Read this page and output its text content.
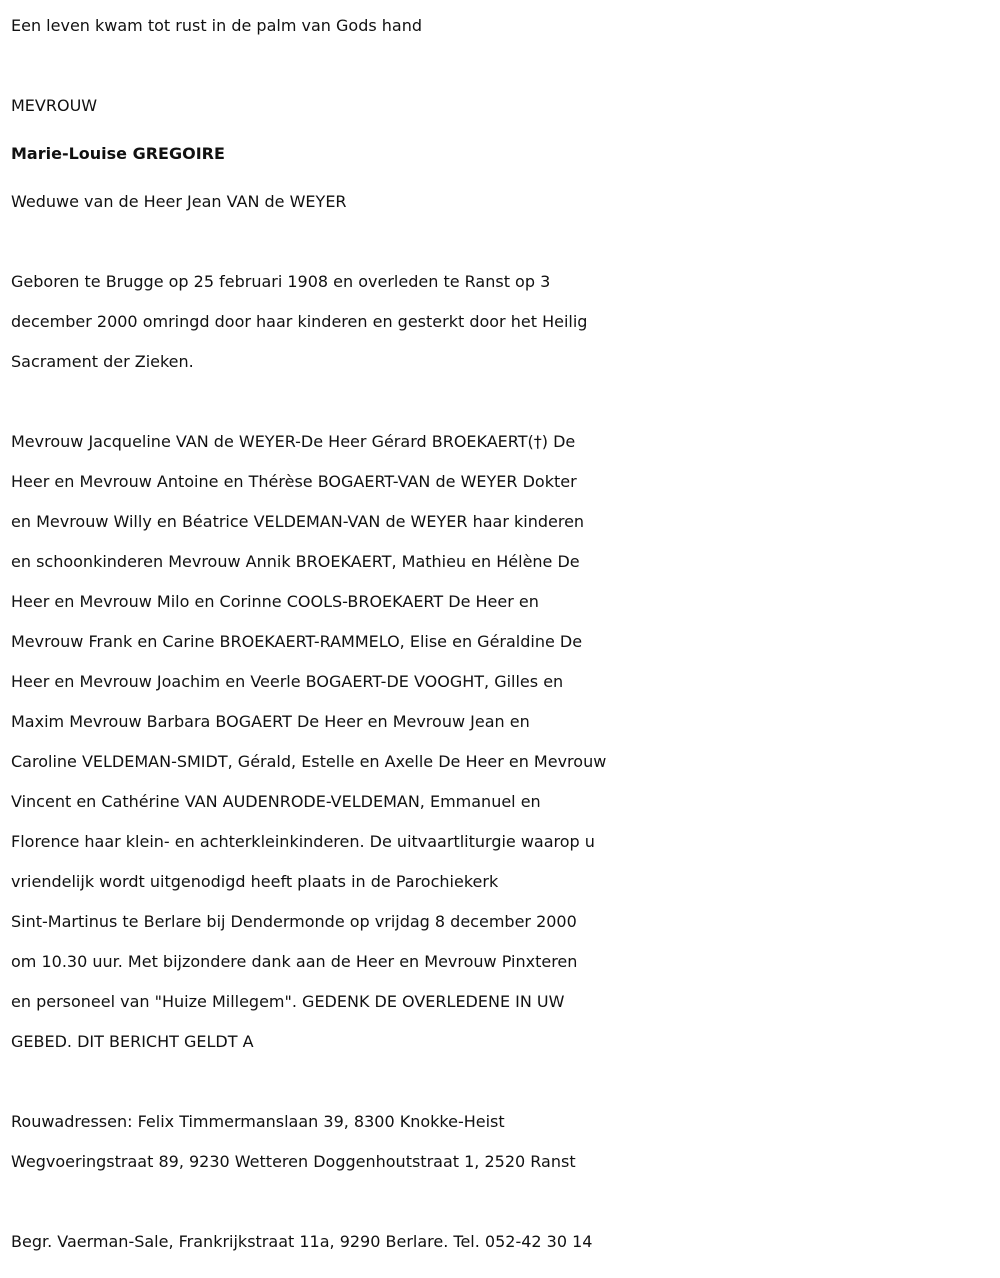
Een leven kwam tot rust in de palm van Gods hand

MEVROUW

Marie-Louise GREGOIRE

Weduwe van de Heer Jean VAN de WEYER

Geboren te Brugge op 25 februari 1908 en overleden te Ranst op 3

december 2000 omringd door haar kinderen en gesterkt door het Heilig

Sacrament der Zieken.

Mevrouw Jacqueline VAN de WEYER-De Heer Gérard BROEKAERT(†) De

Heer en Mevrouw Antoine en Thérèse BOGAERT-VAN de WEYER Dokter

en Mevrouw Willy en Béatrice VELDEMAN-VAN de WEYER haar kinderen

en schoonkinderen Mevrouw Annik BROEKAERT, Mathieu en Hélène De

Heer en Mevrouw Milo en Corinne COOLS-BROEKAERT De Heer en

Mevrouw Frank en Carine BROEKAERT-RAMMELO, Elise en Géraldine De

Heer en Mevrouw Joachim en Veerle BOGAERT-DE VOOGHT, Gilles en

Maxim Mevrouw Barbara BOGAERT De Heer en Mevrouw Jean en

Caroline VELDEMAN-SMIDT, Gérald, Estelle en Axelle De Heer en Mevrouw

Vincent en Cathérine VAN AUDENRODE-VELDEMAN, Emmanuel en

Florence haar klein- en achterkleinkinderen. De uitvaartliturgie waarop u

vriendelijk wordt uitgenodigd heeft plaats in de Parochiekerk

Sint-Martinus te Berlare bij Dendermonde op vrijdag 8 december 2000

om 10.30 uur. Met bijzondere dank aan de Heer en Mevrouw Pinxteren

en personeel van "Huize Millegem". GEDENK DE OVERLEDENE IN UW

GEBED. DIT BERICHT GELDT A

Rouwadressen: Felix Timmermanslaan 39, 8300 Knokke-Heist

Wegvoeringstraat 89, 9230 Wetteren Doggenhoutstraat 1, 2520 Ranst

Begr. Vaerman-Sale, Frankrijkstraat 11a, 9290 Berlare. Tel. 052-42 30 14
